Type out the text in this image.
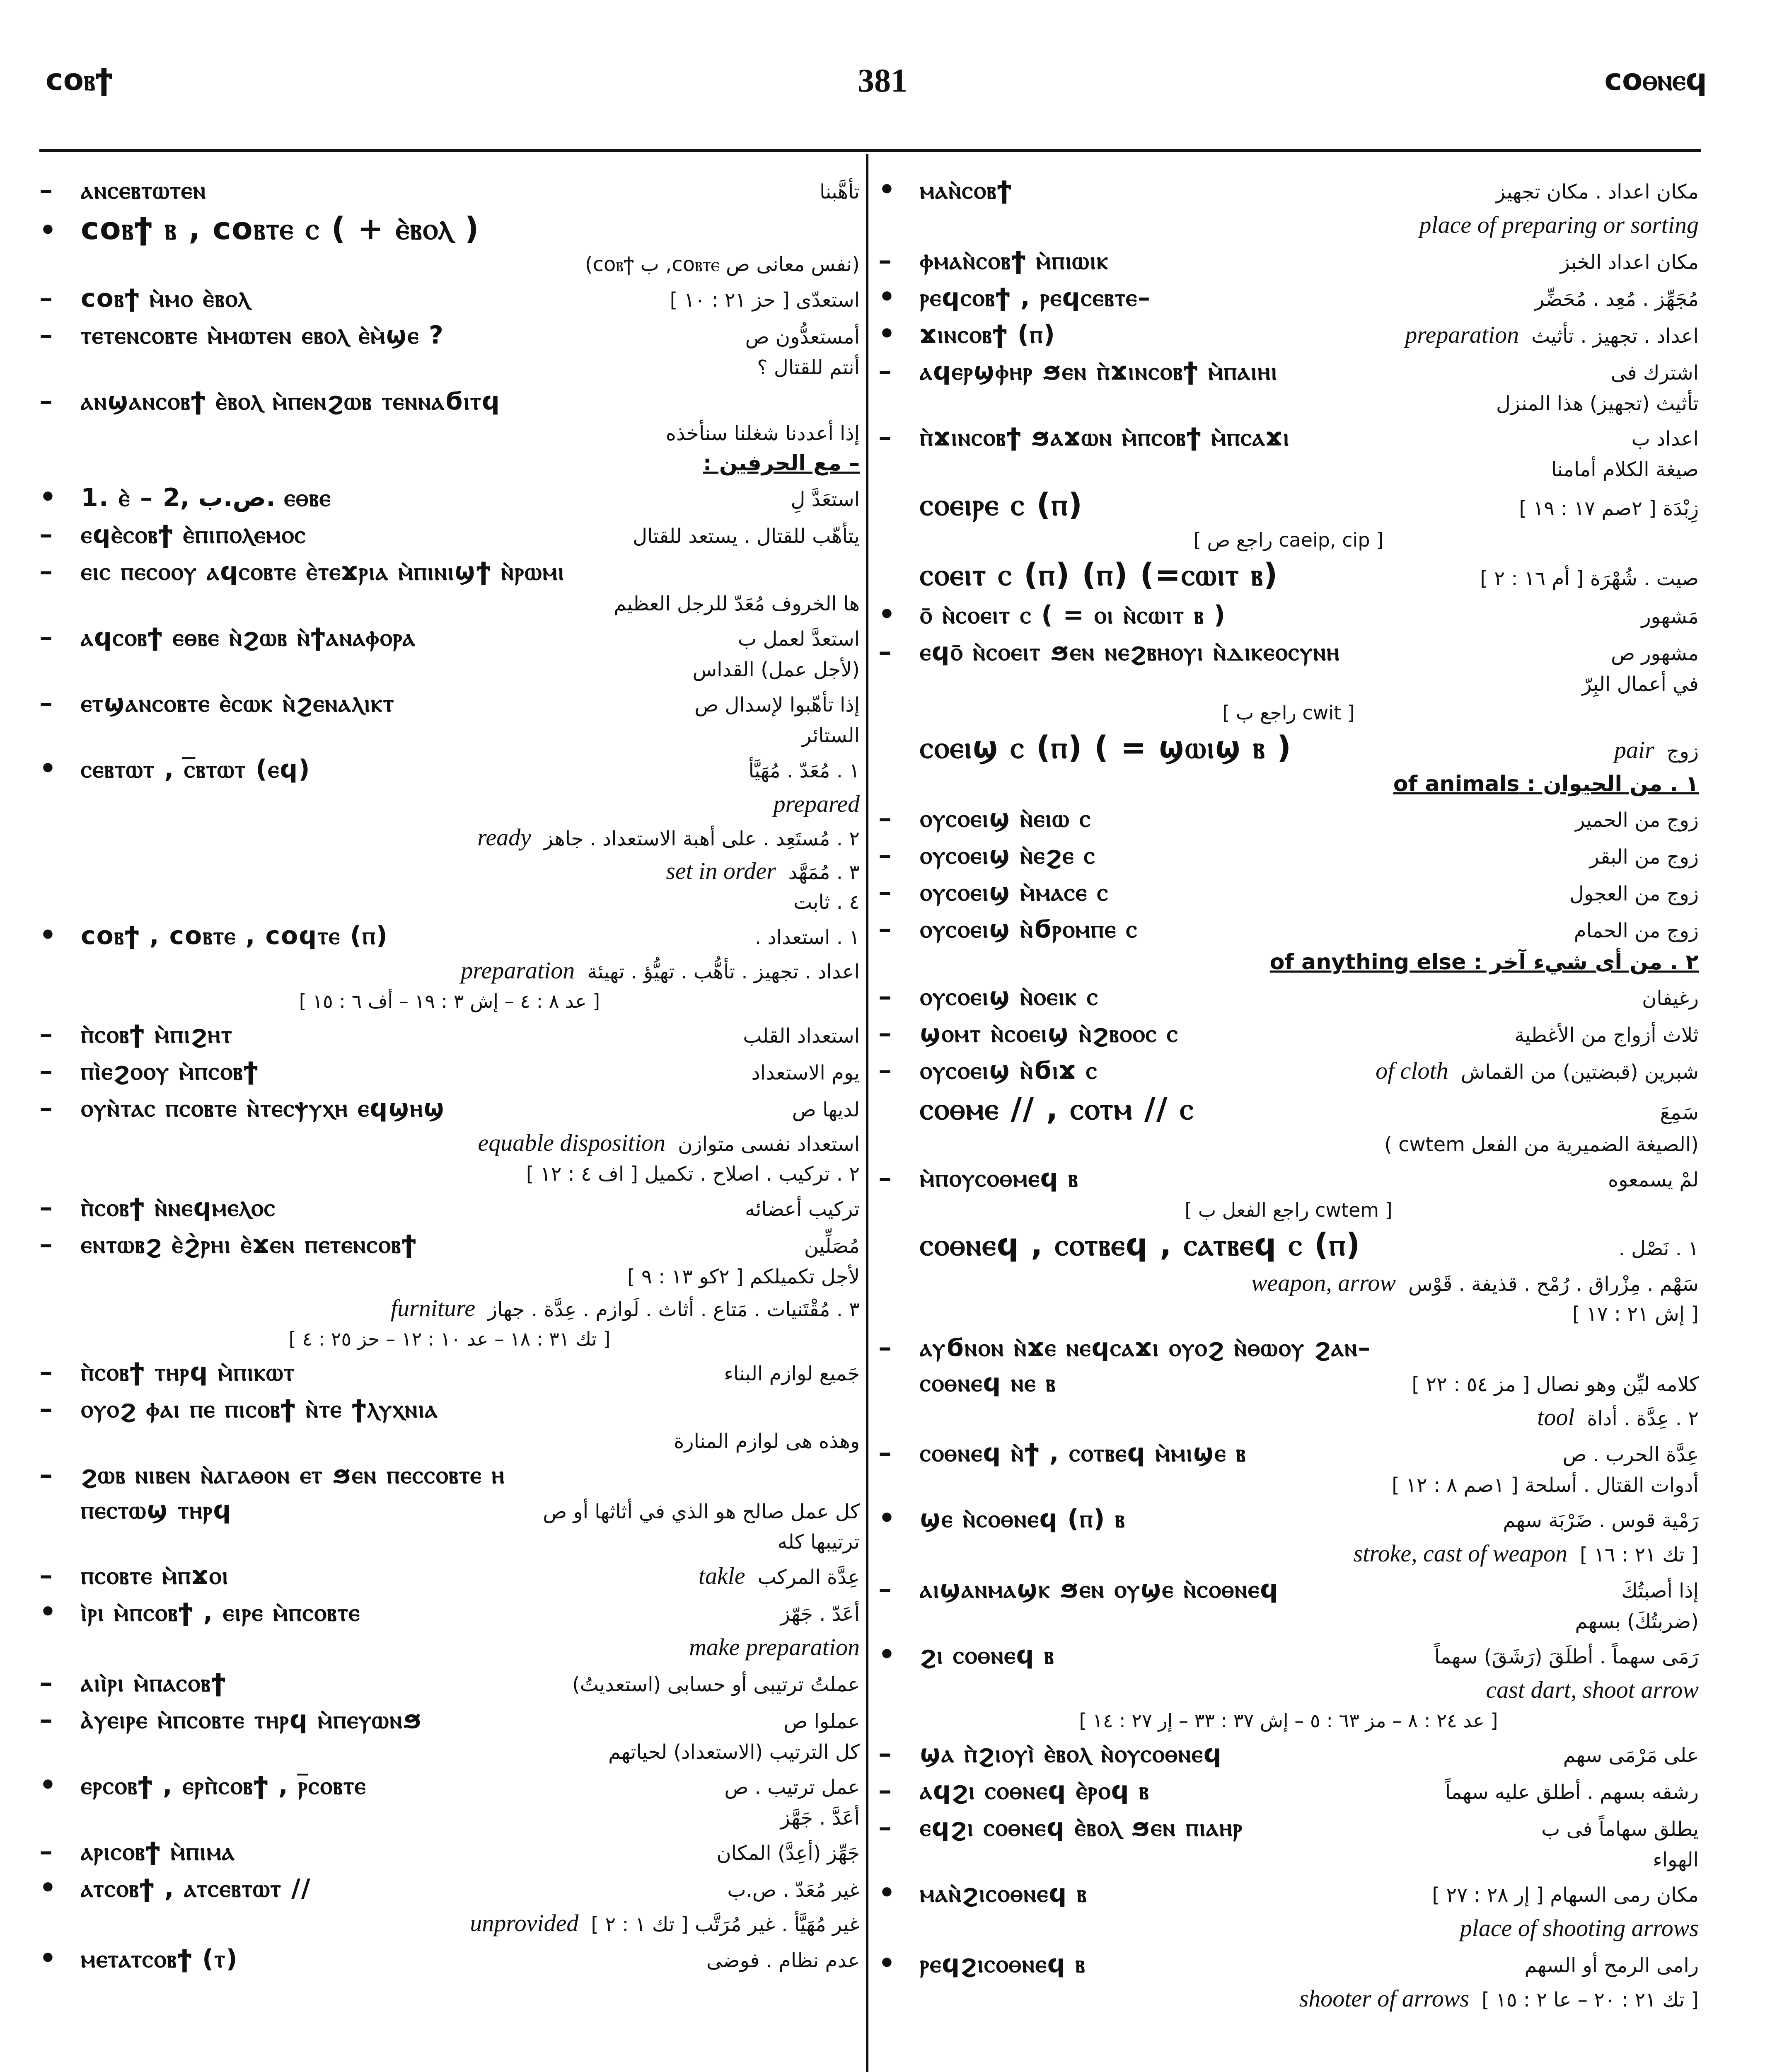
coⲃϯ	381	coⲑⲛⲉϥ
–	ⲁⲛⲥⲉⲃⲧⲱⲧⲉⲛ	تأهَّبنا
• coⲃϯ ⲃ , coⲃⲧⲉ ⲥ ( + ⲉ̀ⲃⲟⲗ )
(نفس معانى ص coⲃⲧⲉ, ب coⲃϯ)
–	coⲃϯ ⲙ̀ⲙⲟ ⲉ̀ⲃⲟⲗ	استعدّى [ حز ٢١ : ١٠ ]
–	ⲧⲉⲧⲉⲛⲥⲟⲃⲧⲉ ⲙ̀ⲙⲱⲧⲉⲛ ⲉⲃⲟⲗ ⲉ̀ⲙ̀ϣⲉ ?	أمستعدُّون ص
أنتم للقتال ؟
–	ⲁⲛϣⲁⲛⲥⲟⲃϯ ⲉ̀ⲃⲟⲗ ⲙ̀ⲡⲉⲛϩⲱⲃ ⲧⲉⲛⲛⲁϭⲓⲧϥ
إذا أعددنا شغلنا سنأخذه
– مع الحرفين :
• 1. ⲉ̀ – ص.ب ,2. ⲉⲑⲃⲉ	استعَدَّ لِ
–	ⲉϥⲉ̀ⲥⲟⲃϯ ⲉ̀ⲡⲓⲡⲟⲗⲉⲙⲟⲥ	يتأهّب للقتال . يستعد للقتال
–	ⲉⲓⲥ ⲡⲉⲥⲟⲟⲩ ⲁϥⲥⲟⲃⲧⲉ ⲉ̀ⲧⲉϫⲣⲓⲁ ⲙ̀ⲡⲓⲛⲓϣϯ ⲛ̀ⲣⲱⲙⲓ
ها الخروف مُعَدّ للرجل العظيم
–	ⲁϥⲥⲟⲃϯ ⲉⲑⲃⲉ ⲛ̀ϩⲱⲃ ⲛ̀ϯⲁⲛⲁⲫⲟⲣⲁ	استعدَّ لعمل ب
(لأجل عمل) القداس
–	ⲉⲧϣⲁⲛⲥⲟⲃⲧⲉ ⲉ̀ⲥⲱⲕ ⲛ̀ϩⲉⲛⲁⲗⲓⲕⲧ	إذا تأهّبوا لإسدال ص
الستائر
• ⲥⲉⲃⲧⲱⲧ , ⲥ̅ⲃⲧⲱⲧ (ⲉϥ)	١ . مُعَدّ . مُهَيَّأ
prepared
ready ٢ . مُستَعِد . على أهبة الاستعداد . جاهز
set in order ٣ . مُمَهَّد
٤ . ثابت
• coⲃϯ , coⲃⲧⲉ , coϥⲧⲉ (ⲡ)	١ . استعداد .
preparation اعداد . تجهيز . تأهُّب . تهيُّؤ . تهيئة
[ عد ٨ : ٤ – إش ٣ : ١٩ – أف ٦ : ١٥ ]
–	ⲡ̀ⲥⲟⲃϯ ⲙ̀ⲡⲓϩⲏⲧ	استعداد القلب
–	ⲡⲓ̀ⲉϩⲟⲟⲩ ⲙ̀ⲡⲥⲟⲃϯ	يوم الاستعداد
–	ⲟⲩⲛ̀ⲧⲁⲥ ⲡⲥⲟⲃⲧⲉ ⲛ̀ⲧⲉⲥⲯⲩⲭⲏ ⲉϥϣⲏϣ	لديها ص
equable disposition استعداد نفسى متوازن
٢ . تركيب . اصلاح . تكميل [ اف ٤ : ١٢ ]
–	ⲡ̀ⲥⲟⲃϯ ⲛ̀ⲛⲉϥⲙⲉⲗⲟⲥ	تركيب أعضائه
–	ⲉⲛⲧⲱⲃϩ ⲉ̀ϩ̀ⲣⲏⲓ ⲉ̀ϫⲉⲛ ⲡⲉⲧⲉⲛⲥⲟⲃϯ	مُصَلِّين
لأجل تكميلكم [ ٢كو ١٣ : ٩ ]
furniture ٣ . مُقْتَنيات . مَتاع . أثاث . لَوازم . عِدَّة . جهاز
[ تك ٣١ : ١٨ – عد ١٠ : ١٢ – حز ٢٥ : ٤ ]
–	ⲡ̀ⲥⲟⲃϯ ⲧⲏⲣϥ ⲙ̀ⲡⲓⲕⲱⲧ	جَميع لوازم البناء
–	ⲟⲩⲟϩ ⲫⲁⲓ ⲡⲉ ⲡⲓⲥⲟⲃϯ ⲛ̀ⲧⲉ ϯⲗⲩⲭⲛⲓⲁ
وهذه هى لوازم المنارة
–	ϩⲱⲃ ⲛⲓⲃⲉⲛ ⲛ̀ⲁⲅⲁⲑⲟⲛ ⲉⲧ ϧⲉⲛ ⲡⲉⲥⲥⲟⲃⲧⲉ ⲏ
ⲡⲉⲥⲧⲱϣ ⲧⲏⲣϥ	كل عمل صالح هو الذي في أثاثها أو ص
ترتيبها كله
–	ⲡⲥⲟⲃⲧⲉ ⲙ̀ⲡϫⲟⲓ	takle عِدَّة المركب
• ⲓ̀ⲣⲓ ⲙ̀ⲡⲥⲟⲃϯ , ⲉⲓⲣⲉ ⲙ̀ⲡⲥⲟⲃⲧⲉ	أعَدّ . جَهّز
make preparation
–	ⲁⲓⲓ̀ⲣⲓ ⲙ̀ⲡⲁⲥⲟⲃϯ	عملتُ ترتيبى أو حسابى (استعديتُ)
–	ⲁ̀ⲩⲉⲓⲣⲉ ⲙ̀ⲡⲥⲟⲃⲧⲉ ⲧⲏⲣϥ ⲙ̀ⲡⲉⲩⲱⲛϧ	عملوا ص
كل الترتيب (الاستعداد) لحياتهم
• ⲉⲣⲥⲟⲃϯ , ⲉⲣⲡ̀ⲥⲟⲃϯ , ⲣ̅ⲥⲟⲃⲧⲉ	عمل ترتيب . ص
أعَدَّ . جَهَّز
–	ⲁⲣⲓⲥⲟⲃϯ ⲙ̀ⲡⲓⲙⲁ	جَهِّز (أعِدَّ) المكان
• ⲁⲧⲥⲟⲃϯ , ⲁⲧⲥⲉⲃⲧⲱⲧ //	غير مُعَدّ . ص.ب
unprovided غير مُهَيَّأ . غير مُرَتَّب [ تك ١ : ٢ ]
• ⲙⲉⲧⲁⲧⲥⲟⲃϯ (ⲧ)	عدم نظام . فوضى
• ⲙⲁⲛ̀ⲥⲟⲃϯ	مكان اعداد . مكان تجهيز
place of preparing or sorting
–	ⲫⲙⲁⲛ̀ⲥⲟⲃϯ ⲙ̀ⲡⲓⲱⲓⲕ	مكان اعداد الخبز
• ⲣⲉϥⲥⲟⲃϯ , ⲣⲉϥⲥⲉⲃⲧⲉ–	مُجَهِّز . مُعِد . مُحَضِّر
• ϫⲓⲛⲥⲟⲃϯ (ⲡ)	preparation اعداد . تجهيز . تأثيث
–	ⲁϥⲉⲣϣⲫⲏⲣ ϧⲉⲛ ⲡ̀ϫⲓⲛⲥⲟⲃϯ ⲙ̀ⲡⲁⲓⲏⲓ	اشترك فى
تأثيث (تجهيز) هذا المنزل
–	ⲡ̀ϫⲓⲛⲥⲟⲃϯ ϧⲁϫⲱⲛ ⲙ̀ⲡⲥⲟⲃϯ ⲙ̀ⲡⲥⲁϫⲓ	اعداد ب
صيغة الكلام أمامنا
ⲥⲟⲉⲓⲣⲉ ⲥ (ⲡ)	زِبْدَة [ ٢صم ١٧ : ١٩ ]
[ راجع ص caeip, cip ]
ⲥⲟⲉⲓⲧ ⲥ (ⲡ) (ⲡ) (=ⲥⲱⲓⲧ ⲃ)	صيت . شُهْرَة [ أم ١٦ : ٢ ]
• ⲟ̄ ⲛ̀ⲥⲟⲉⲓⲧ ⲥ ( = ⲟⲓ ⲛ̀ⲥⲱⲓⲧ ⲃ )	مَشهور
–	ⲉϥⲟ̄ ⲛ̀ⲥⲟⲉⲓⲧ ϧⲉⲛ ⲛⲉϩⲃⲏⲟⲩⲓ ⲛ̀ⲇⲓⲕⲉⲟⲥⲩⲛⲏ	مشهور ص
في أعمال البِرّ
[ راجع ب cwit ]
ⲥⲟⲉⲓϣ ⲥ (ⲡ) ( = ϣⲱⲓϣ ⲃ )	pair زوج
١ . من الحيوان : of animals
–	ⲟⲩⲥⲟⲉⲓϣ ⲛ̀ⲉⲓⲱ ⲥ	زوج من الحمير
–	ⲟⲩⲥⲟⲉⲓϣ ⲛ̀ⲉϩⲉ ⲥ	زوج من البقر
–	ⲟⲩⲥⲟⲉⲓϣ ⲙ̀ⲙⲁⲥⲉ ⲥ	زوج من العجول
–	ⲟⲩⲥⲟⲉⲓϣ ⲛ̀ϭⲣⲟⲙⲡⲉ ⲥ	زوج من الحمام
٢ . من أى شيء آخر : of anything else
–	ⲟⲩⲥⲟⲉⲓϣ ⲛ̀ⲟⲉⲓⲕ ⲥ	رغيفان
–	ϣⲟⲙⲧ ⲛ̀ⲥⲟⲉⲓϣ ⲛ̀ϩⲃⲟⲟⲥ ⲥ	ثلاث أزواج من الأغطية
–	ⲟⲩⲥⲟⲉⲓϣ ⲛ̀ϭⲓϫ ⲥ	of cloth شبرين (قبضتين) من القماش
ⲥⲟⲑⲙⲉ // , ⲥⲟⲧⲙ // ⲥ	سَمِعَ
(الصيغة الضميرية من الفعل cwtem )
–	ⲙ̀ⲡⲟⲩⲥⲟⲑⲙⲉϥ ⲃ	لمْ يسمعوه
[ راجع الفعل ب cwtem ]
ⲥⲟⲑⲛⲉϥ , ⲥⲟⲧⲃⲉϥ , ⲥⲁⲧⲃⲉϥ ⲥ (ⲡ)	١ . نَصْل .
weapon, arrow سَهْم . مِزْراق . رُمْح . قذيفة . قَوْس
[ إش ٢١ : ١٧ ]
–	ⲁⲩϭⲛⲟⲛ ⲛ̀ϫⲉ ⲛⲉϥⲥⲁϫⲓ ⲟⲩⲟϩ ⲛ̀ⲑⲱⲟⲩ ϩⲁⲛ–
ⲥⲟⲑⲛⲉϥ ⲛⲉ ⲃ	كلامه ليِّن وهو نصال [ مز ٥٤ : ٢٢ ]
tool ٢ . عِدَّة . أداة
–	ⲥⲟⲑⲛⲉϥ ⲛ̀ϯ , ⲥⲟⲧⲃⲉϥ ⲙ̀ⲙⲓϣⲉ ⲃ	عِدَّة الحرب . ص
أدوات القتال . أسلحة [ ١صم ٨ : ١٢ ]
• ϣⲉ ⲛ̀ⲥⲟⲑⲛⲉϥ (ⲡ) ⲃ	رَمْية قوس . ضَرْبَة سهم
stroke, cast of weapon [ تك ٢١ : ١٦ ]
–	ⲁⲓϣⲁⲛⲙⲁϣⲕ ϧⲉⲛ ⲟⲩϣⲉ ⲛ̀ⲥⲟⲑⲛⲉϥ	إذا أصبتُكَ
(ضربتُكَ) بسهم
• ϩⲓ ⲥⲟⲑⲛⲉϥ ⲃ	رَمَى سهماً . أطلَقَ (رَشَقَ) سهماً
cast dart, shoot arrow
[ عد ٢٤ : ٨ – مز ٦٣ : ٥ – إش ٣٧ : ٣٣ – إر ٢٧ : ١٤ ]
–	ϣⲁ ⲡ̀ϩⲓⲟⲩⲓ̀ ⲉ̀ⲃⲟⲗ ⲛ̀ⲟⲩⲥⲟⲑⲛⲉϥ	على مَرْمَى سهم
–	ⲁϥϩⲓ ⲥⲟⲑⲛⲉϥ ⲉ̀ⲣⲟϥ ⲃ	رشقه بسهم . أطلق عليه سهماً
–	ⲉϥϩⲓ ⲥⲟⲑⲛⲉϥ ⲉ̀ⲃⲟⲗ ϧⲉⲛ ⲡⲓⲁⲏⲣ	يطلق سهاماً فى ب
الهواء
• ⲙⲁⲛ̀ϩⲓⲥⲟⲑⲛⲉϥ ⲃ	مكان رمى السهام [ إر ٢٨ : ٢٧ ]
place of shooting arrows
• ⲣⲉϥϩⲓⲥⲟⲑⲛⲉϥ ⲃ	رامى الرمح أو السهم
shooter of arrows [ تك ٢١ : ٢٠ – عا ٢ : ١٥ ]
